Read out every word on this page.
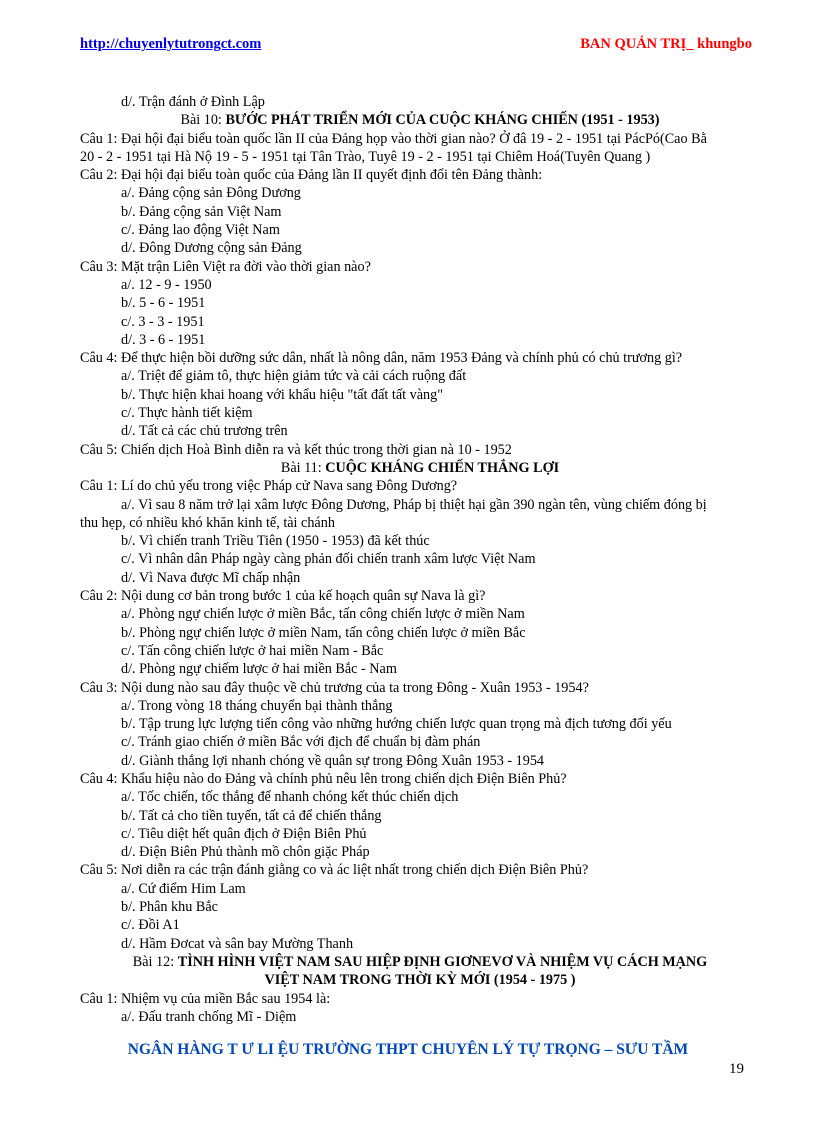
http://chuyenlytutrongct.com	BAN QUẢN TRỊ_ khungbo
d/. Trận đánh ở Đình Lập
Bài 10: BƯỚC PHÁT TRIỂN MỚI CỦA CUỘC KHÁNG CHIẾN (1951 - 1953)
Câu 1: Đại hội đại biểu toàn quốc lần II của Đảng họp vào thời gian nào? Ở đâ 19 - 2 - 1951 tại PácPó(Cao Bằ
20 - 2 - 1951 tại Hà Nộ 19 - 5 - 1951 tại Tân Trào, Tuyê 19 - 2 - 1951 tại Chiêm Hoá(Tuyên Quang )
Câu 2: Đại hội đại biểu toàn quốc của Đảng lần II quyết định đổi tên Đảng thành:
a/. Đảng cộng sản Đông Dương
b/. Đảng cộng sản Việt Nam
c/. Đảng lao động Việt Nam
d/. Đông Dương cộng sản Đảng
Câu 3: Mặt trận Liên Việt ra đời vào thời gian nào?
a/. 12 - 9 - 1950
b/. 5 - 6 - 1951
c/. 3 - 3 - 1951
d/. 3 - 6 - 1951
Câu 4: Để thực hiện bồi dưỡng sức dân, nhất là nông dân, năm 1953 Đảng và chính phủ có chủ trương gì?
a/. Triệt để giảm tô, thực hiện giảm tức và cải cách ruộng đất
b/. Thực hiện khai hoang với khẩu hiệu "tất đất tất vàng"
c/. Thực hành tiết kiệm
d/. Tất cả các chủ trương trên
Câu 5: Chiến dịch Hoà Bình diễn ra và kết thúc trong thời gian nà 10 - 1952
Bài 11: CUỘC KHÁNG CHIẾN THẮNG LỢI
Câu 1: Lí do chủ yếu trong việc Pháp cử Nava sang Đông Dương?
a/. Vì sau 8 năm trở lại xâm lược Đông Dương, Pháp bị thiệt hại gần 390 ngàn tên, vùng chiếm đóng bị
thu hẹp, có nhiều khó khăn kinh tế, tài chánh
b/. Vì chiến tranh Triều Tiên (1950 - 1953) đã kết thúc
c/. Vì nhân dân Pháp ngày càng phản đối chiến tranh xâm lược Việt Nam
d/. Vì Nava được Mĩ chấp nhận
Câu 2: Nội dung cơ bản trong bước 1 của kế hoạch quân sự Nava là gì?
a/. Phòng ngự chiến lược ở miền Bắc, tấn công chiến lược ở miền Nam
b/. Phòng ngự chiến lược ở miền Nam, tấn công chiến lược ở miền Bắc
c/. Tấn công chiến lược ở hai miền Nam - Bắc
d/. Phòng ngự chiếm lược ở hai miền Bắc - Nam
Câu 3: Nội dung nào sau đây thuộc về chủ trương của ta trong Đông - Xuân 1953 - 1954?
a/. Trong vòng 18 tháng chuyển bại thành thắng
b/. Tập trung lực lượng tiến công vào những hướng chiến lược quan trọng mà địch tương đối yếu
c/. Tránh giao chiến ở miền Bắc với địch để chuẩn bị đàm phán
d/. Giành thắng lợi nhanh chóng về quân sự trong Đông Xuân 1953 - 1954
Câu 4: Khẩu hiệu nào do Đảng và chính phủ nêu lên trong chiến dịch Điện Biên Phủ?
a/. Tốc chiến, tốc thắng để nhanh chóng kết thúc chiến dịch
b/. Tất cả cho tiền tuyến, tất cả để chiến thắng
c/. Tiêu diệt hết quân địch ở Điện Biên Phủ
d/. Điện Biên Phủ thành mồ chôn giặc Pháp
Câu 5: Nơi diễn ra các trận đánh giằng co và ác liệt nhất trong chiến dịch Điện Biên Phủ?
a/. Cứ điểm Him Lam
b/. Phân khu Bắc
c/. Đồi A1
d/. Hầm Đơcat và sân bay Mường Thanh
Bài 12: TÌNH HÌNH VIỆT NAM SAU HIỆP ĐỊNH GIƠNEVƠ VÀ NHIỆM VỤ CÁCH MẠNG
VIỆT NAM TRONG THỜI KỲ MỚI (1954 - 1975 )
Câu 1: Nhiệm vụ của miền Bắc sau 1954 là:
a/. Đấu tranh chống Mĩ - Diệm
NGÂN HÀNG T Ư LI ỆU TRƯỜNG THPT CHUYÊN LÝ TỰ TRỌNG – SƯU TẦM
19
